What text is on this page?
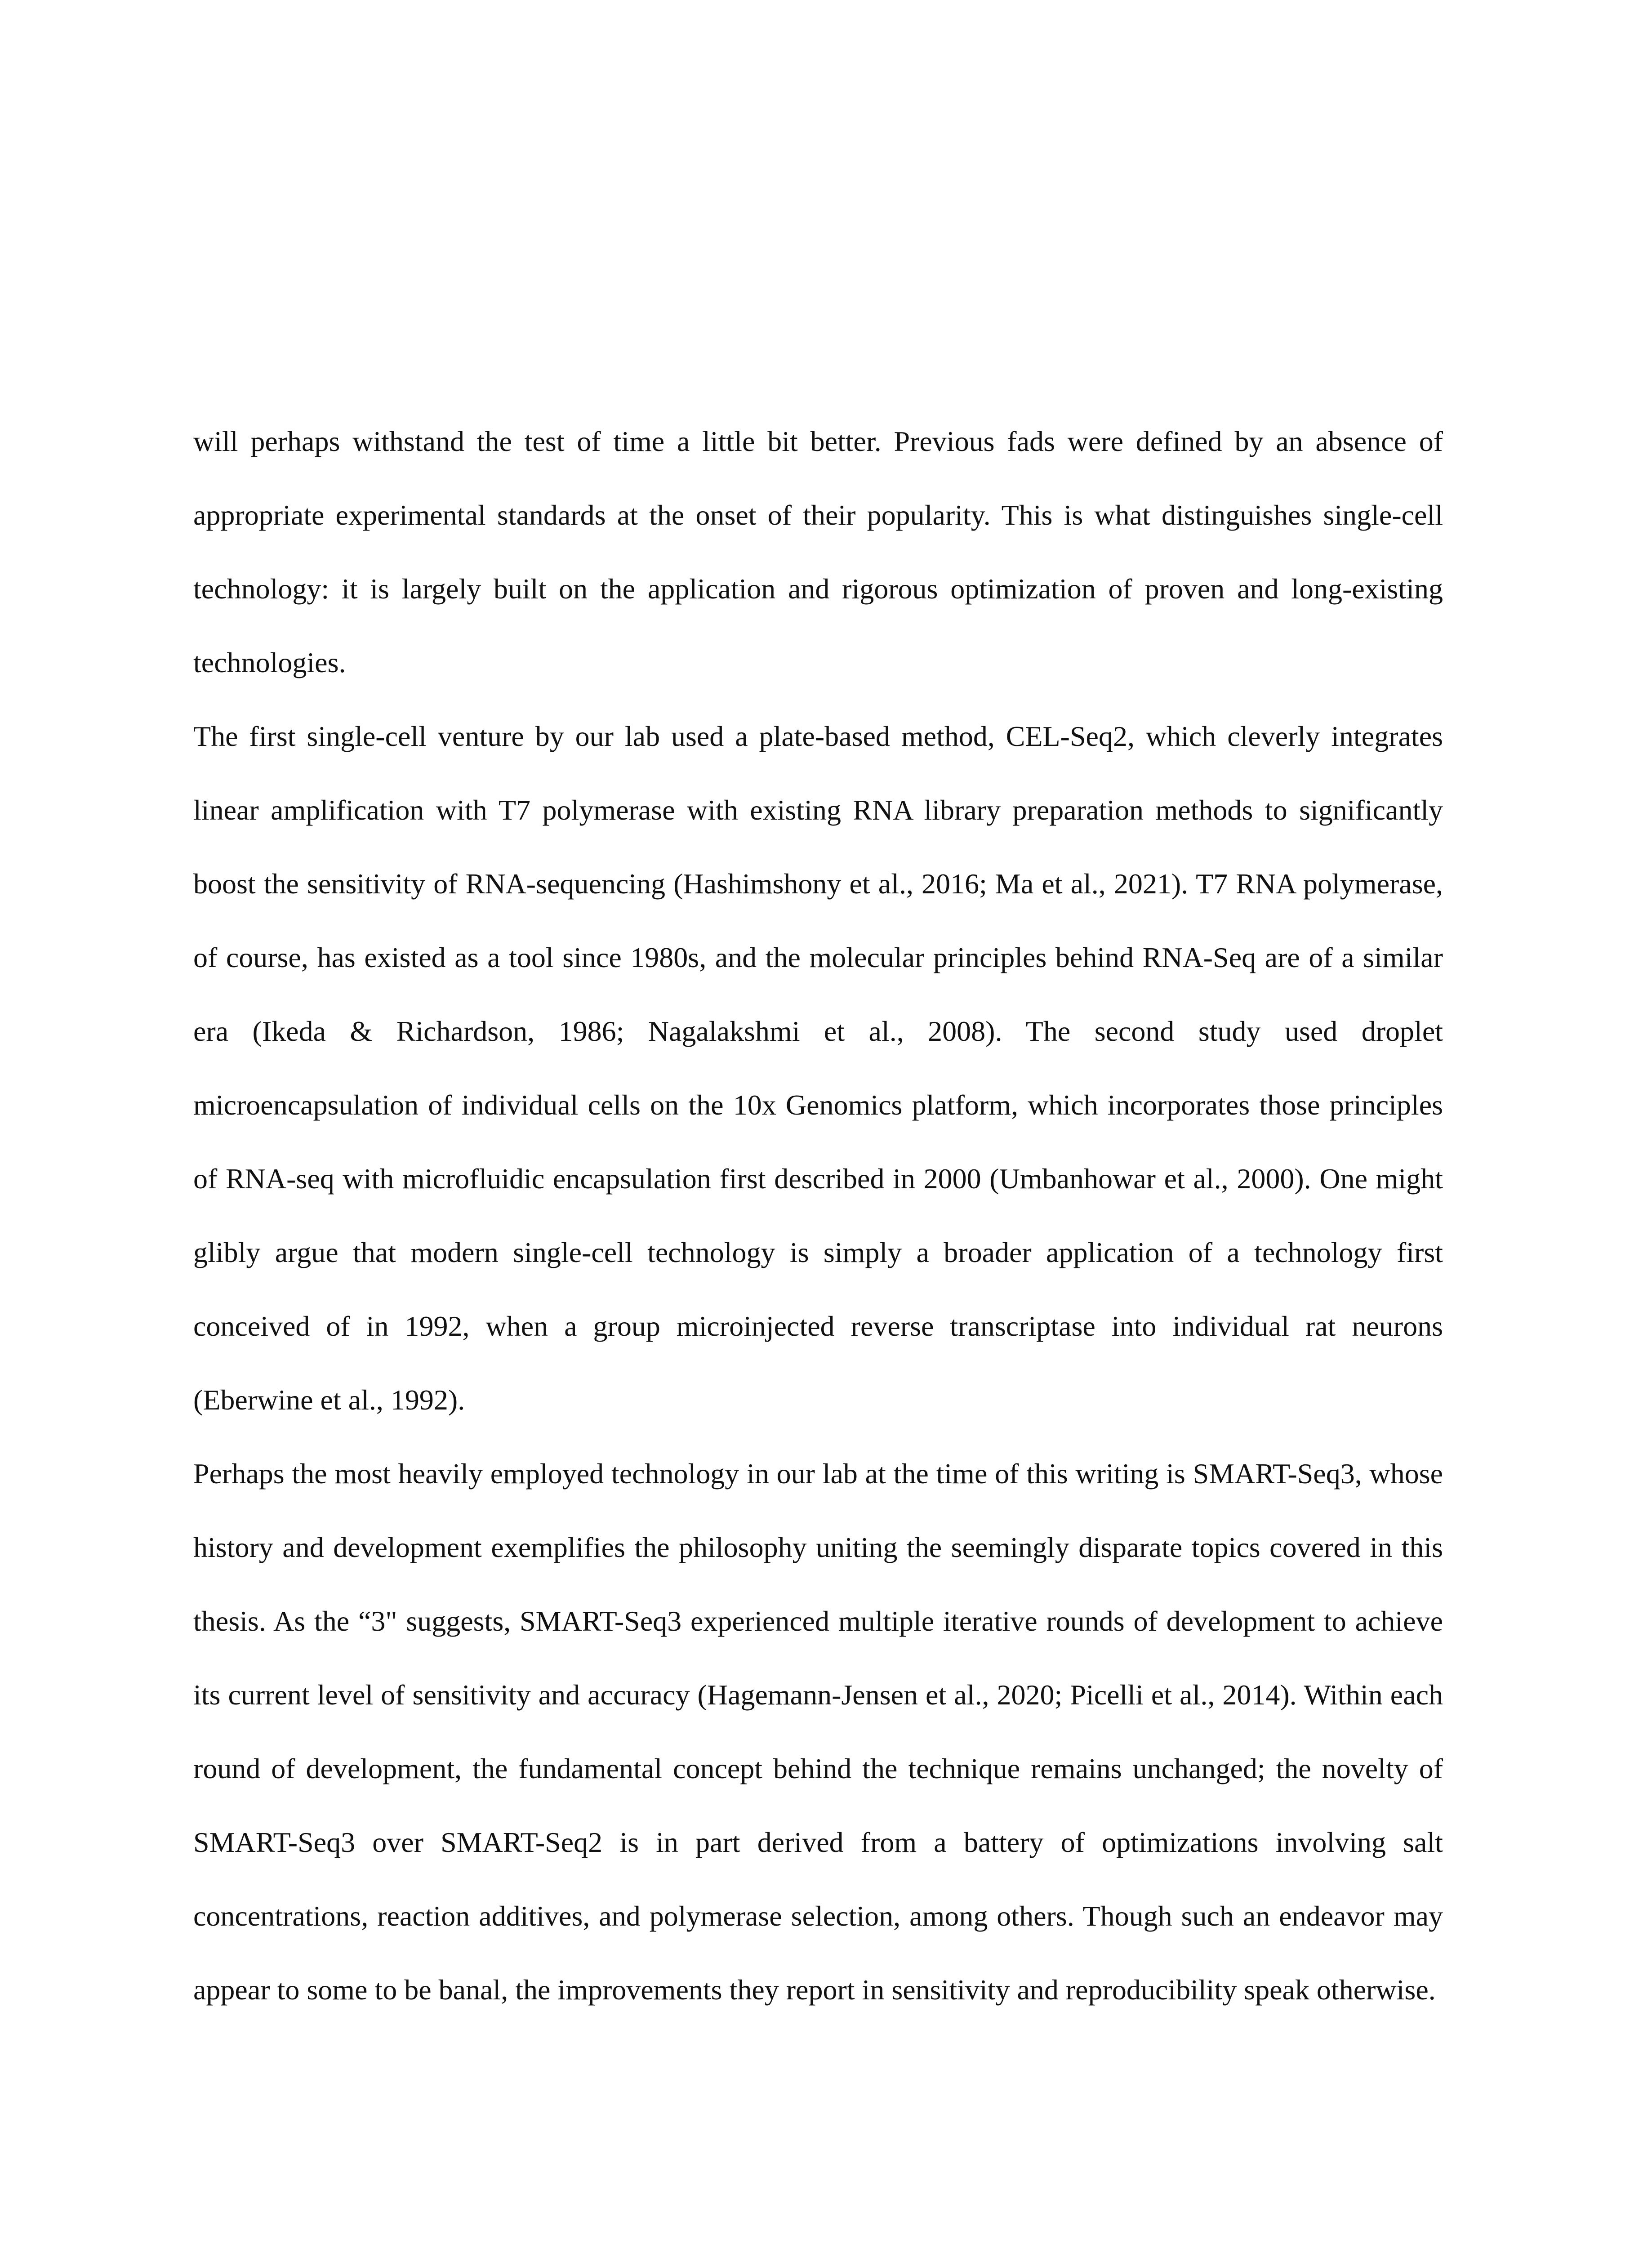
will perhaps withstand the test of time a little bit better. Previous fads were defined by an absence of appropriate experimental standards at the onset of their popularity. This is what distinguishes single-cell technology: it is largely built on the application and rigorous optimization of proven and long-existing technologies.

The first single-cell venture by our lab used a plate-based method, CEL-Seq2, which cleverly integrates linear amplification with T7 polymerase with existing RNA library preparation methods to significantly boost the sensitivity of RNA-sequencing (Hashimshony et al., 2016; Ma et al., 2021). T7 RNA polymerase, of course, has existed as a tool since 1980s, and the molecular principles behind RNA-Seq are of a similar era (Ikeda & Richardson, 1986; Nagalakshmi et al., 2008). The second study used droplet microencapsulation of individual cells on the 10x Genomics platform, which incorporates those principles of RNA-seq with microfluidic encapsulation first described in 2000 (Umbanhowar et al., 2000). One might glibly argue that modern single-cell technology is simply a broader application of a technology first conceived of in 1992, when a group microinjected reverse transcriptase into individual rat neurons (Eberwine et al., 1992).

Perhaps the most heavily employed technology in our lab at the time of this writing is SMART-Seq3, whose history and development exemplifies the philosophy uniting the seemingly disparate topics covered in this thesis. As the “3" suggests, SMART-Seq3 experienced multiple iterative rounds of development to achieve its current level of sensitivity and accuracy (Hagemann-Jensen et al., 2020; Picelli et al., 2014). Within each round of development, the fundamental concept behind the technique remains unchanged; the novelty of SMART-Seq3 over SMART-Seq2 is in part derived from a battery of optimizations involving salt concentrations, reaction additives, and polymerase selection, among others. Though such an endeavor may appear to some to be banal, the improvements they report in sensitivity and reproducibility speak otherwise.
